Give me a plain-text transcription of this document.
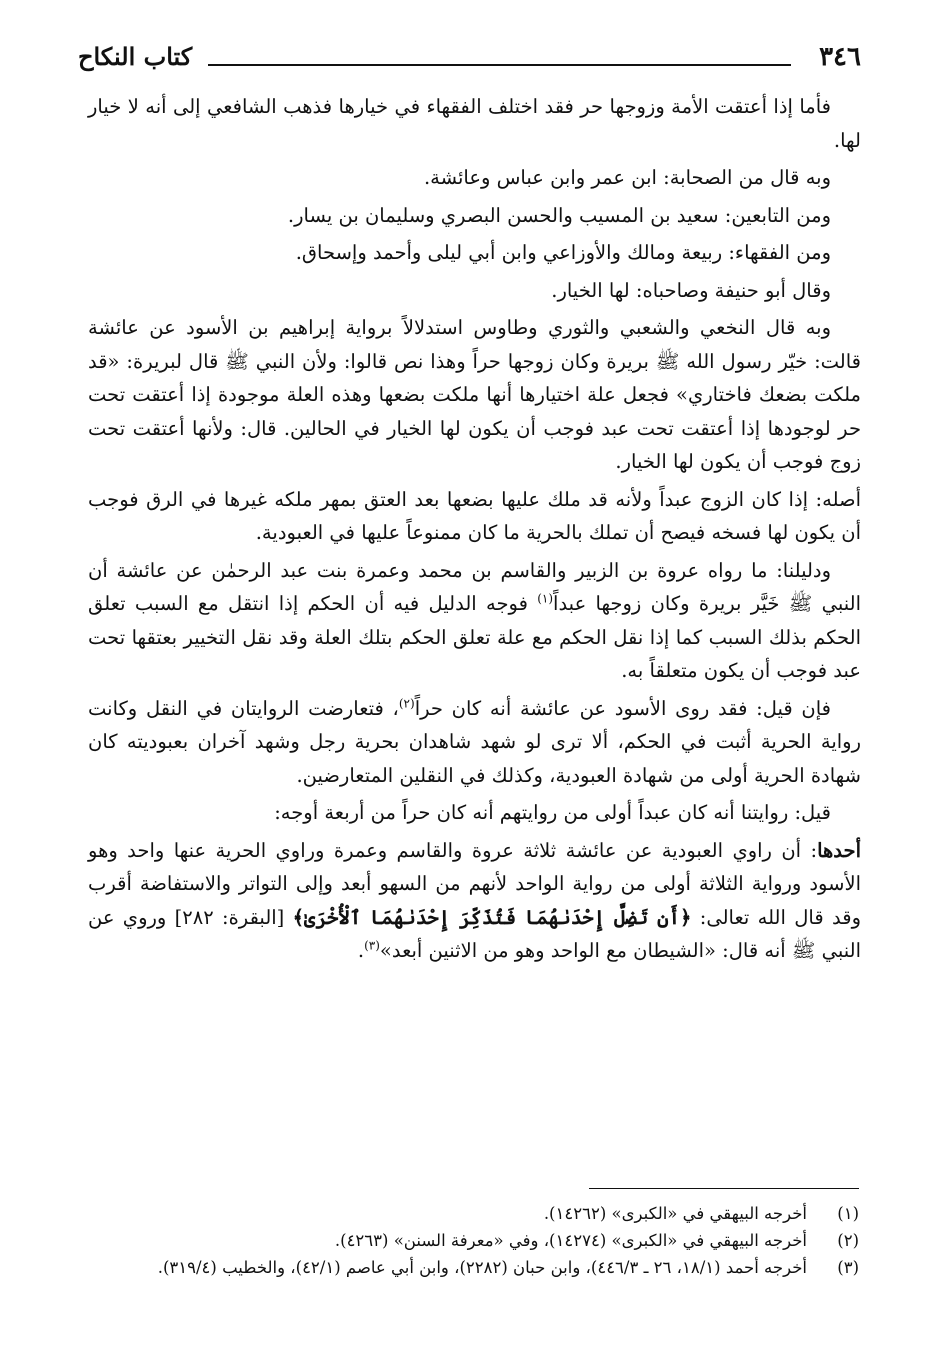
٣٤٦
كتاب النكاح

فأما إذا أعتقت الأمة وزوجها حر فقد اختلف الفقهاء في خيارها فذهب الشافعي إلى أنه لا خيار لها.

وبه قال من الصحابة: ابن عمر وابن عباس وعائشة.

ومن التابعين: سعيد بن المسيب والحسن البصري وسليمان بن يسار.

ومن الفقهاء: ربيعة ومالك والأوزاعي وابن أبي ليلى وأحمد وإسحاق.

وقال أبو حنيفة وصاحباه: لها الخيار.

وبه قال النخعي والشعبي والثوري وطاوس استدلالاً برواية إبراهيم بن الأسود عن عائشة قالت: خيّر رسول الله ﷺ بريرة وكان زوجها حراً وهذا نص قالوا: ولأن النبي ﷺ قال لبريرة: «قد ملكت بضعك فاختاري» فجعل علة اختيارها أنها ملكت بضعها وهذه العلة موجودة إذا أعتقت تحت حر لوجودها إذا أعتقت تحت عبد فوجب أن يكون لها الخيار في الحالين. قال: ولأنها أعتقت تحت زوج فوجب أن يكون لها الخيار.

أصله: إذا كان الزوج عبداً ولأنه قد ملك عليها بضعها بعد العتق بمهر ملكه غيرها في الرق فوجب أن يكون لها فسخه فيصح أن تملك بالحرية ما كان ممنوعاً عليها في العبودية.

ودليلنا: ما رواه عروة بن الزبير والقاسم بن محمد وعمرة بنت عبد الرحمٰن عن عائشة أن النبي ﷺ خَيَّر بريرة وكان زوجها عبداً$^{(١)}$ فوجه الدليل فيه أن الحكم إذا انتقل مع السبب تعلق الحكم بذلك السبب كما إذا نقل الحكم مع علة تعلق الحكم بتلك العلة وقد نقل التخيير بعتقها تحت عبد فوجب أن يكون متعلقاً به.

فإن قيل: فقد روى الأسود عن عائشة أنه كان حراً$^{(٢)}$، فتعارضت الروايتان في النقل وكانت رواية الحرية أثبت في الحكم، ألا ترى لو شهد شاهدان بحرية رجل وشهد آخران بعبوديته كان شهادة الحرية أولى من شهادة العبودية، وكذلك في النقلين المتعارضين.

قيل: روايتنا أنه كان عبداً أولى من روايتهم أنه كان حراً من أربعة أوجه:

أحدها: أن راوي العبودية عن عائشة ثلاثة عروة والقاسم وعمرة وراوي الحرية عنها واحد وهو الأسود ورواية الثلاثة أولى من رواية الواحد لأنهم من السهو أبعد وإلى التواتر والاستفاضة أقرب وقد قال الله تعالى: ﴿أَن تَضِلَّ إِحْدَىٰهُمَا فَتُذَكِّرَ إِحْدَىٰهُمَا ٱلْأُخْرَىٰ﴾ [البقرة: ٢٨٢] وروي عن النبي ﷺ أنه قال: «الشيطان مع الواحد وهو من الاثنين أبعد»$^{(٣)}$.

(١)
أخرجه البيهقي في «الكبرى» (١٤٢٦٢).
(٢)
أخرجه البيهقي في «الكبرى» (١٤٢٧٤)، وفي «معرفة السنن» (٤٢٦٣).
(٣)
أخرجه أحمد (١٨/١، ٢٦ ـ ٤٤٦/٣)، وابن حبان (٢٢٨٢)، وابن أبي عاصم (٤٢/١)، والخطيب (٣١٩/٤).
